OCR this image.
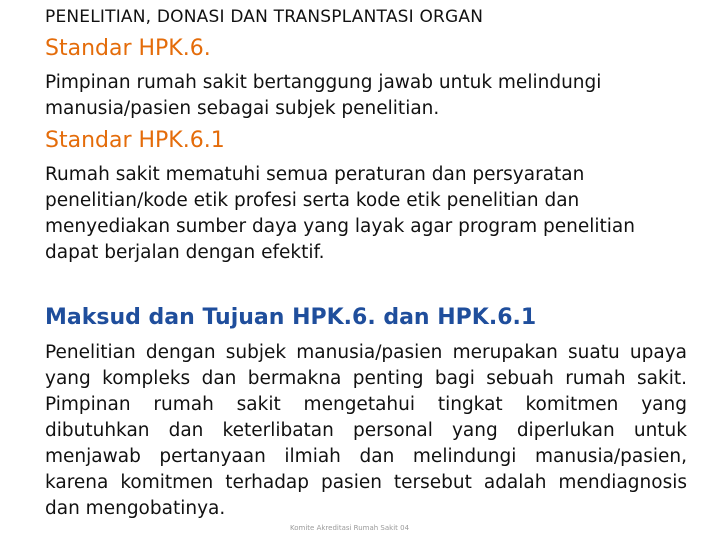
PENELITIAN, DONASI DAN TRANSPLANTASI ORGAN

Standar HPK.6.

Pimpinan rumah sakit bertanggung jawab untuk melindungi manusia/pasien sebagai subjek penelitian.

Standar HPK.6.1

Rumah sakit mematuhi semua peraturan dan persyaratan penelitian/kode etik profesi serta kode etik penelitian dan menyediakan sumber daya yang layak agar program penelitian dapat berjalan dengan efektif.

Maksud dan Tujuan HPK.6. dan HPK.6.1

Penelitian dengan subjek manusia/pasien merupakan suatu upaya yang kompleks dan bermakna penting bagi sebuah rumah sakit. Pimpinan rumah sakit mengetahui tingkat komitmen yang dibutuhkan dan keterlibatan personal yang diperlukan untuk menjawab pertanyaan ilmiah dan melindungi manusia/pasien, karena komitmen terhadap pasien tersebut adalah mendiagnosis dan mengobatinya.

Komite Akreditasi Rumah Sakit 04
